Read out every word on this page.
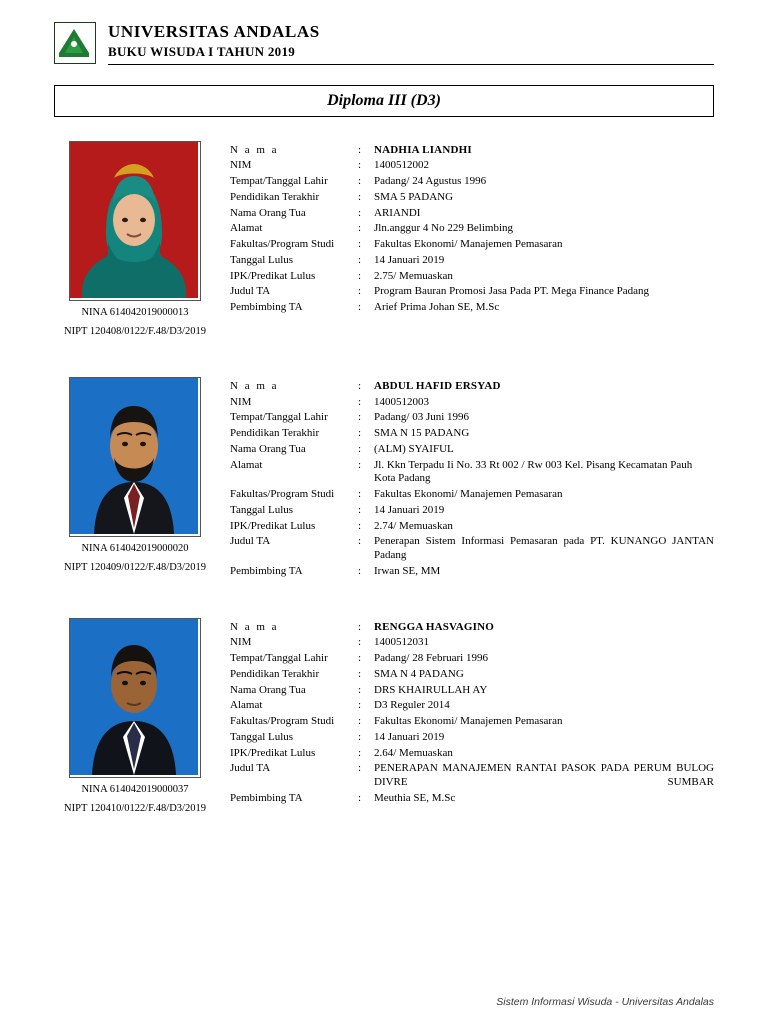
UNIVERSITAS ANDALAS
BUKU WISUDA I TAHUN 2019
Diploma III (D3)
NINA 614042019000013
NIPT 120408/0122/F.48/D3/2019
N a m a	:	NADHIA LIANDHI
NIM	:	1400512002
Tempat/Tanggal Lahir	:	Padang/ 24 Agustus 1996
Pendidikan Terakhir	:	SMA 5 PADANG
Nama Orang Tua	:	ARIANDI
Alamat	:	Jln.anggur 4 No 229 Belimbing
Fakultas/Program Studi	:	Fakultas Ekonomi/ Manajemen Pemasaran
Tanggal Lulus	:	14 Januari 2019
IPK/Predikat Lulus	:	2.75/ Memuaskan
Judul TA	:	Program Bauran Promosi Jasa Pada PT. Mega Finance Padang
Pembimbing TA	:	Arief Prima Johan SE, M.Sc
NINA 614042019000020
NIPT 120409/0122/F.48/D3/2019
N a m a	:	ABDUL HAFID ERSYAD
NIM	:	1400512003
Tempat/Tanggal Lahir	:	Padang/ 03 Juni 1996
Pendidikan Terakhir	:	SMA N 15 PADANG
Nama Orang Tua	:	(ALM) SYAIFUL
Alamat	:	Jl. Kkn Terpadu Ii No. 33 Rt 002 / Rw 003 Kel. Pisang Kecamatan Pauh Kota Padang
Fakultas/Program Studi	:	Fakultas Ekonomi/ Manajemen Pemasaran
Tanggal Lulus	:	14 Januari 2019
IPK/Predikat Lulus	:	2.74/ Memuaskan
Judul TA	:	Penerapan Sistem Informasi Pemasaran pada PT. KUNANGO JANTAN Padang
Pembimbing TA	:	Irwan SE, MM
NINA 614042019000037
NIPT 120410/0122/F.48/D3/2019
N a m a	:	RENGGA HASVAGINO
NIM	:	1400512031
Tempat/Tanggal Lahir	:	Padang/ 28 Februari 1996
Pendidikan Terakhir	:	SMA N 4 PADANG
Nama Orang Tua	:	DRS KHAIRULLAH AY
Alamat	:	D3 Reguler 2014
Fakultas/Program Studi	:	Fakultas Ekonomi/ Manajemen Pemasaran
Tanggal Lulus	:	14 Januari 2019
IPK/Predikat Lulus	:	2.64/ Memuaskan
Judul TA	:	PENERAPAN MANAJEMEN RANTAI PASOK PADA PERUM BULOG DIVRE SUMBAR
Pembimbing TA	:	Meuthia SE, M.Sc
Sistem Informasi Wisuda - Universitas Andalas
